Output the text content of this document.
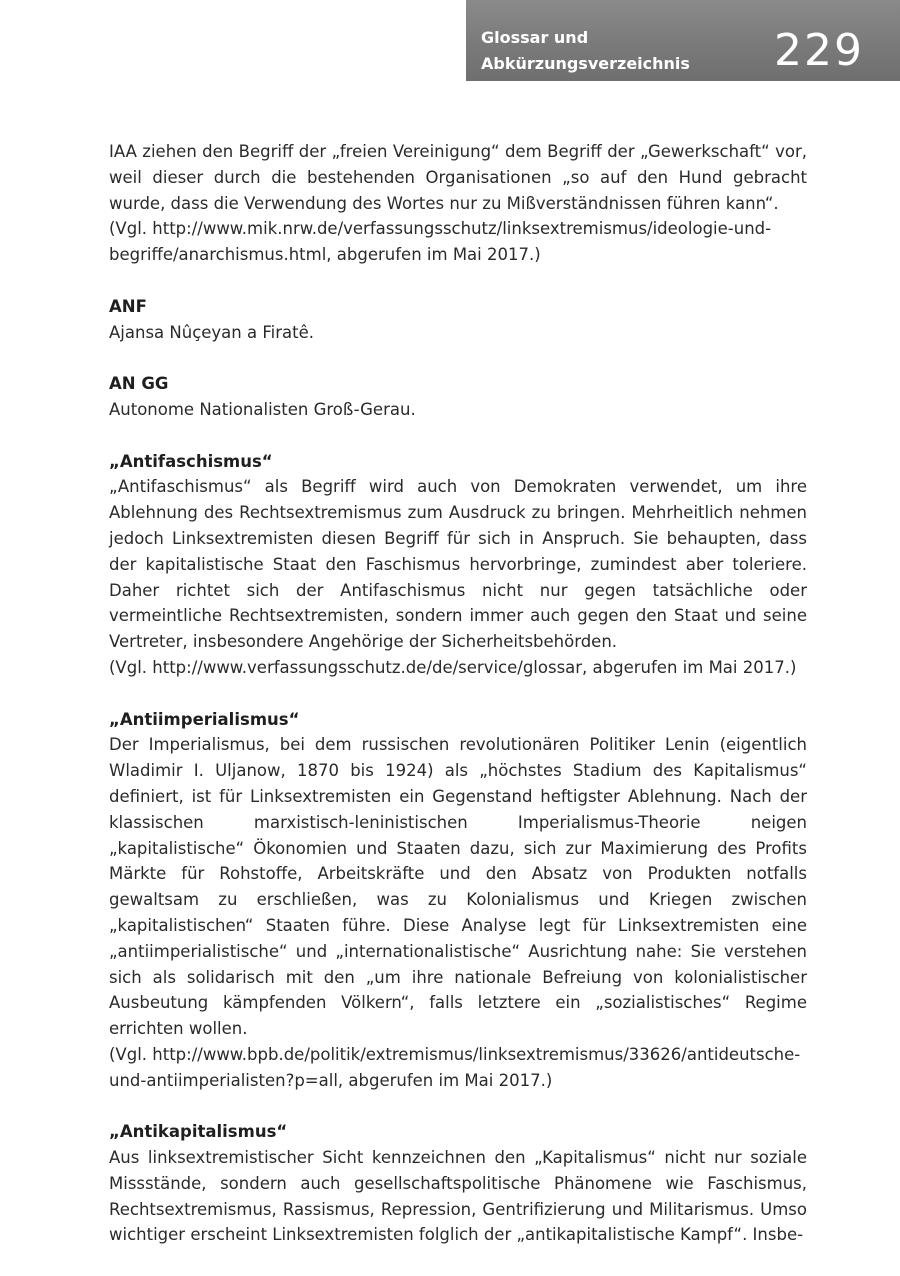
Glossar und
Abkürzungsverzeichnis 229

IAA ziehen den Begriff der „freien Vereinigung“ dem Begriff der „Gewerkschaft“ vor, weil dieser durch die bestehenden Organisationen „so auf den Hund gebracht wurde, dass die Verwendung des Wortes nur zu Mißverständnissen führen kann“.

(Vgl. http://www.mik.nrw.de/verfassungsschutz/linksextremismus/ideologie-und-begriffe/anarchismus.html, abgerufen im Mai 2017.)

ANF

Ajansa Nûçeyan a Firatê.

AN GG

Autonome Nationalisten Groß-Gerau.

„Antifaschismus“

„Antifaschismus“ als Begriff wird auch von Demokraten verwendet, um ihre Ablehnung des Rechtsextremismus zum Ausdruck zu bringen. Mehrheitlich nehmen jedoch Linksextremisten diesen Begriff für sich in Anspruch. Sie behaupten, dass der kapitalistische Staat den Faschismus hervorbringe, zumindest aber toleriere. Daher richtet sich der Antifaschismus nicht nur gegen tatsächliche oder vermeintliche Rechtsextremisten, sondern immer auch gegen den Staat und seine Vertreter, insbesondere Angehörige der Sicherheitsbehörden.

(Vgl. http://www.verfassungsschutz.de/de/service/glossar, abgerufen im Mai 2017.)

„Antiimperialismus“

Der Imperialismus, bei dem russischen revolutionären Politiker Lenin (eigentlich Wladimir I. Uljanow, 1870 bis 1924) als „höchstes Stadium des Kapitalismus“ definiert, ist für Linksextremisten ein Gegenstand heftigster Ablehnung. Nach der klassischen marxistisch-leninistischen Imperialismus-Theorie neigen „kapitalistische“ Ökonomien und Staaten dazu, sich zur Maximierung des Profits Märkte für Rohstoffe, Arbeitskräfte und den Absatz von Produkten notfalls gewaltsam zu erschließen, was zu Kolonialismus und Kriegen zwischen „kapitalistischen“ Staaten führe. Diese Analyse legt für Linksextremisten eine „antiimperialistische“ und „internationalistische“ Ausrichtung nahe: Sie verstehen sich als solidarisch mit den „um ihre nationale Befreiung von kolonialistischer Ausbeutung kämpfenden Völkern“, falls letztere ein „sozialistisches“ Regime errichten wollen.

(Vgl. http://www.bpb.de/politik/extremismus/linksextremismus/33626/antideutsche-und-antiimperialisten?p=all, abgerufen im Mai 2017.)

„Antikapitalismus“

Aus linksextremistischer Sicht kennzeichnen den „Kapitalismus“ nicht nur soziale Missstände, sondern auch gesellschaftspolitische Phänomene wie Faschismus, Rechtsextremismus, Rassismus, Repression, Gentrifizierung und Militarismus. Umso wichtiger erscheint Linksextremisten folglich der „antikapitalistische Kampf“. Insbe-
